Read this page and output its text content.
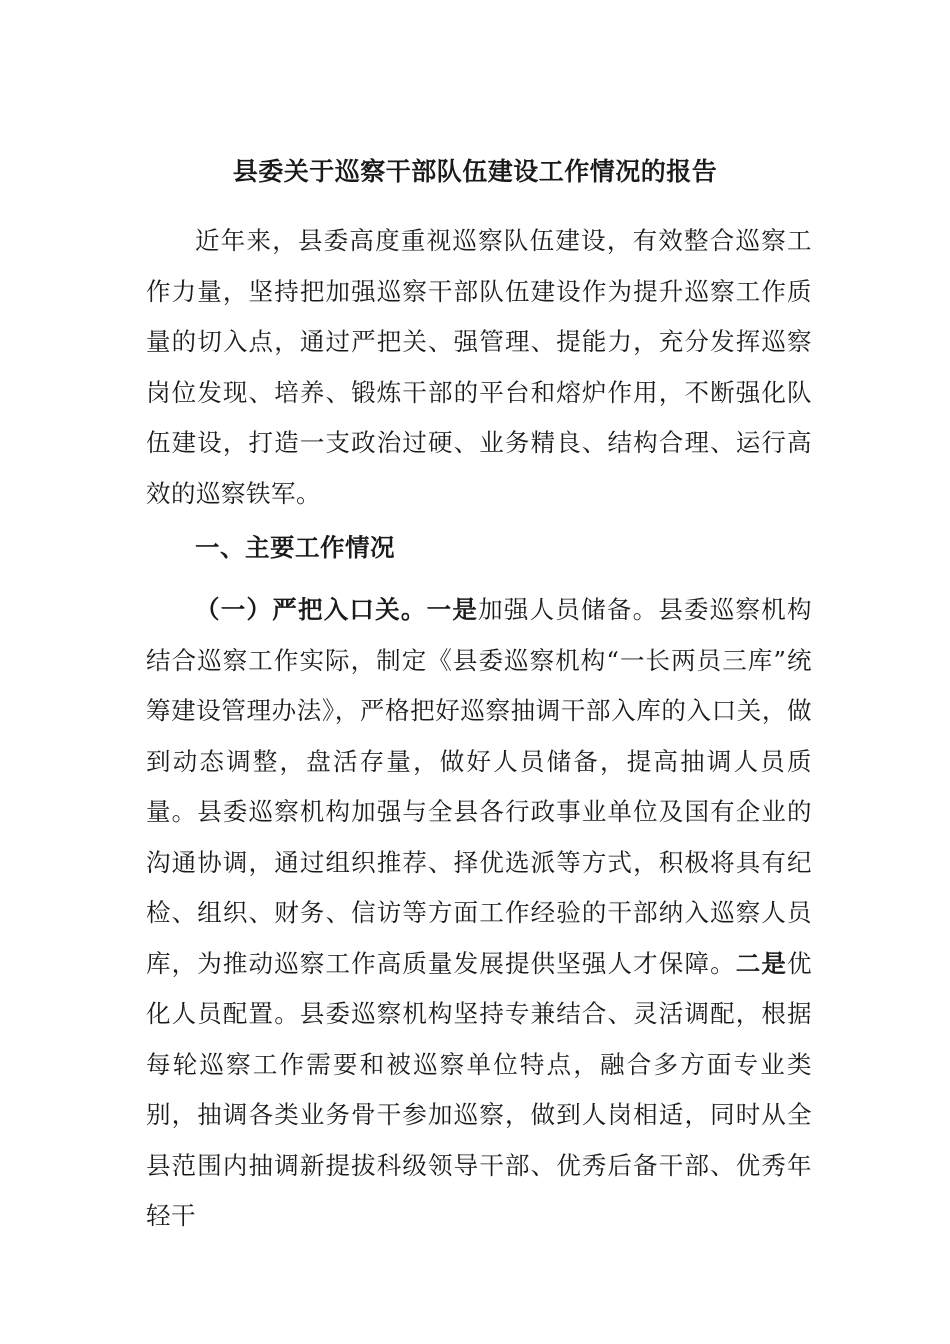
县委关于巡察干部队伍建设工作情况的报告

近年来，县委高度重视巡察队伍建设，有效整合巡察工作力量，坚持把加强巡察干部队伍建设作为提升巡察工作质量的切入点，通过严把关、强管理、提能力，充分发挥巡察岗位发现、培养、锻炼干部的平台和熔炉作用，不断强化队伍建设，打造一支政治过硬、业务精良、结构合理、运行高效的巡察铁军。

一、主要工作情况

（一）严把入口关。一是加强人员储备。县委巡察机构结合巡察工作实际，制定《县委巡察机构“一长两员三库”统筹建设管理办法》，严格把好巡察抽调干部入库的入口关，做到动态调整，盘活存量，做好人员储备，提高抽调人员质量。县委巡察机构加强与全县各行政事业单位及国有企业的沟通协调，通过组织推荐、择优选派等方式，积极将具有纪检、组织、财务、信访等方面工作经验的干部纳入巡察人员库，为推动巡察工作高质量发展提供坚强人才保障。二是优化人员配置。县委巡察机构坚持专兼结合、灵活调配，根据每轮巡察工作需要和被巡察单位特点，融合多方面专业类别，抽调各类业务骨干参加巡察，做到人岗相适，同时从全县范围内抽调新提拔科级领导干部、优秀后备干部、优秀年轻干
